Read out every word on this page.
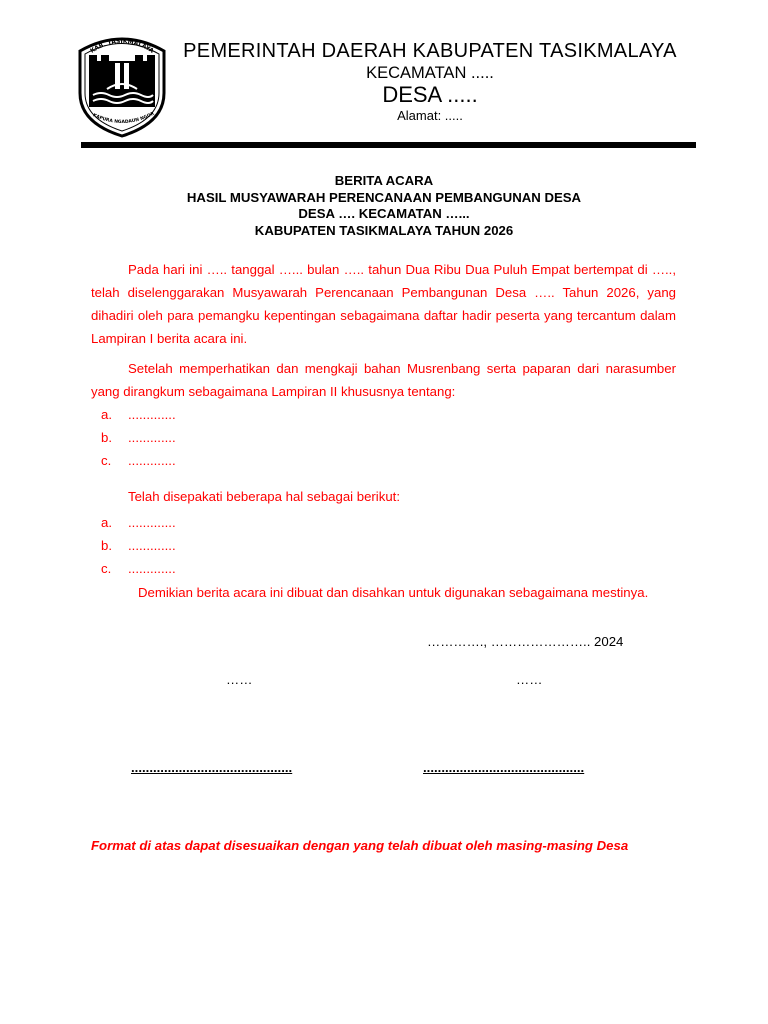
KAB. TASIKMALAYA
KAPURA NGADAUN NGOR
PEMERINTAH DAERAH KABUPATEN TASIKMALAYA
KECAMATAN .....
DESA .....
Alamat: .....
BERITA ACARA
HASIL MUSYAWARAH PERENCANAAN PEMBANGUNAN DESA
DESA …. KECAMATAN …...
KABUPATEN TASIKMALAYA TAHUN 2026
Pada hari ini ….. tanggal …... bulan ….. tahun Dua Ribu Dua Puluh Empat bertempat di ….., telah diselenggarakan Musyawarah Perencanaan Pembangunan Desa ….. Tahun 2026, yang dihadiri oleh para pemangku kepentingan sebagaimana daftar hadir peserta yang tercantum dalam Lampiran I berita acara ini.
Setelah memperhatikan dan mengkaji bahan Musrenbang serta paparan dari narasumber yang dirangkum sebagaimana Lampiran II khususnya tentang:
a. .............
b. .............
c. .............
Telah disepakati beberapa hal sebagai berikut:
a. .............
b. .............
c. .............
Demikian berita acara ini dibuat dan disahkan untuk digunakan sebagaimana mestinya.
…………., ………………….. 2024
……	……
............................................	............................................
Format di atas dapat disesuaikan dengan yang telah dibuat oleh masing-masing Desa
